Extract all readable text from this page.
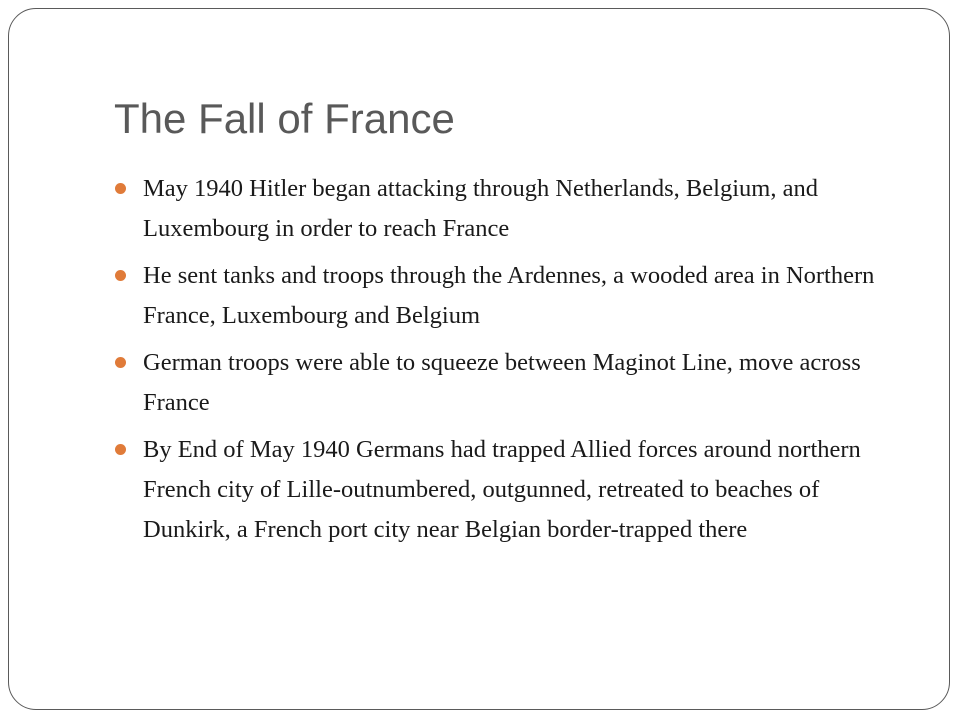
The Fall of France
May 1940 Hitler began attacking through Netherlands, Belgium, and Luxembourg in order to reach France
He sent tanks and troops through the Ardennes, a wooded area in Northern France, Luxembourg and Belgium
German troops were able to squeeze between Maginot Line, move across France
By End of May 1940 Germans had trapped Allied forces around northern French city of Lille-outnumbered, outgunned, retreated to beaches of Dunkirk, a French port city near Belgian border-trapped there
